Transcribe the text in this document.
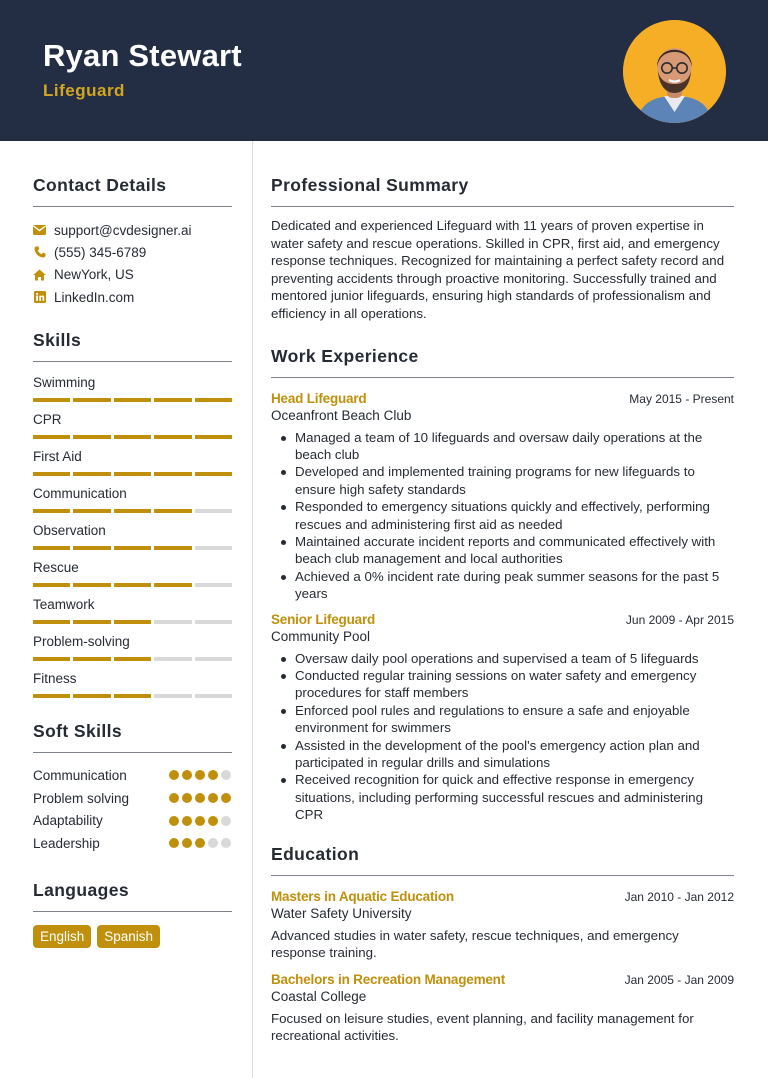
Ryan Stewart
Lifeguard
Contact Details
support@cvdesigner.ai
(555) 345-6789
NewYork, US
LinkedIn.com
Skills
Swimming
CPR
First Aid
Communication
Observation
Rescue
Teamwork
Problem-solving
Fitness
Soft Skills
Communication
Problem solving
Adaptability
Leadership
Languages
English	Spanish
Professional Summary

Dedicated and experienced Lifeguard with 11 years of proven expertise in water safety and rescue operations. Skilled in CPR, first aid, and emergency response techniques. Recognized for maintaining a perfect safety record and preventing accidents through proactive monitoring. Successfully trained and mentored junior lifeguards, ensuring high standards of professionalism and efficiency in all operations.

Work Experience
Head Lifeguard	May 2015 - Present
Oceanfront Beach Club
Managed a team of 10 lifeguards and oversaw daily operations at the beach club
Developed and implemented training programs for new lifeguards to ensure high safety standards
Responded to emergency situations quickly and effectively, performing rescues and administering first aid as needed
Maintained accurate incident reports and communicated effectively with beach club management and local authorities
Achieved a 0% incident rate during peak summer seasons for the past 5 years
Senior Lifeguard	Jun 2009 - Apr 2015
Community Pool
Oversaw daily pool operations and supervised a team of 5 lifeguards
Conducted regular training sessions on water safety and emergency procedures for staff members
Enforced pool rules and regulations to ensure a safe and enjoyable environment for swimmers
Assisted in the development of the pool's emergency action plan and participated in regular drills and simulations
Received recognition for quick and effective response in emergency situations, including performing successful rescues and administering CPR
Education
Masters in Aquatic Education	Jan 2010 - Jan 2012
Water Safety University

Advanced studies in water safety, rescue techniques, and emergency response training.

Bachelors in Recreation Management	Jan 2005 - Jan 2009
Coastal College

Focused on leisure studies, event planning, and facility management for recreational activities.
